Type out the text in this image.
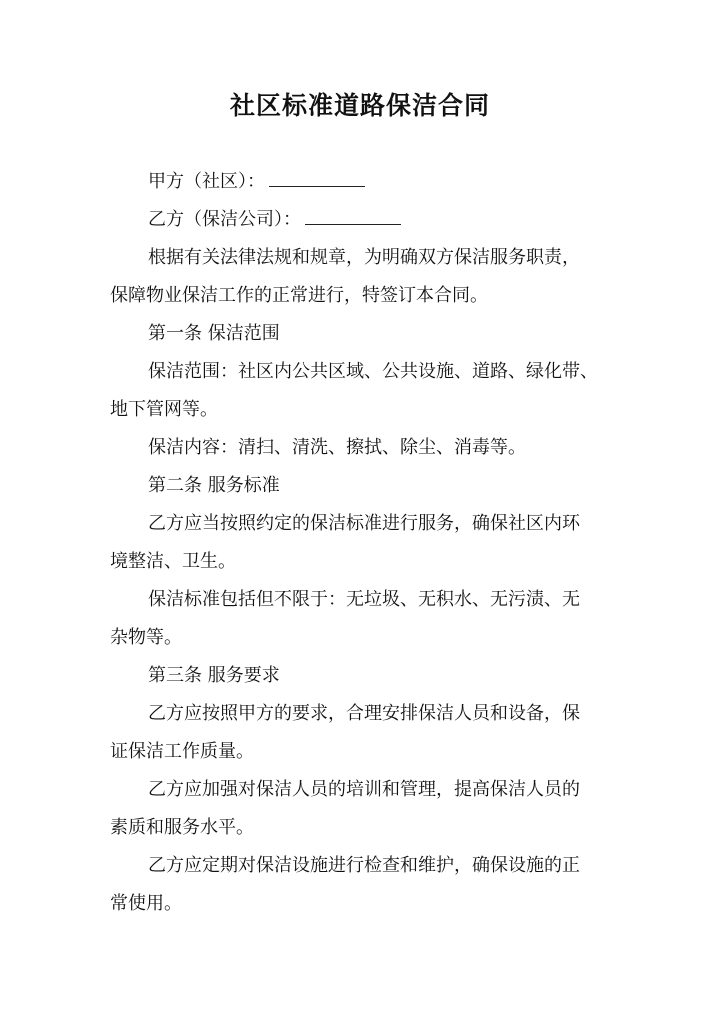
社区标准道路保洁合同

甲方（社区）：

乙方（保洁公司）：

根据有关法律法规和规章，为明确双方保洁服务职责，

保障物业保洁工作的正常进行，特签订本合同。

第一条 保洁范围

保洁范围：社区内公共区域、公共设施、道路、绿化带、

地下管网等。

保洁内容：清扫、清洗、擦拭、除尘、消毒等。

第二条 服务标准

乙方应当按照约定的保洁标准进行服务，确保社区内环

境整洁、卫生。

保洁标准包括但不限于：无垃圾、无积水、无污渍、无

杂物等。

第三条 服务要求

乙方应按照甲方的要求，合理安排保洁人员和设备，保

证保洁工作质量。

乙方应加强对保洁人员的培训和管理，提高保洁人员的

素质和服务水平。

乙方应定期对保洁设施进行检查和维护，确保设施的正

常使用。
